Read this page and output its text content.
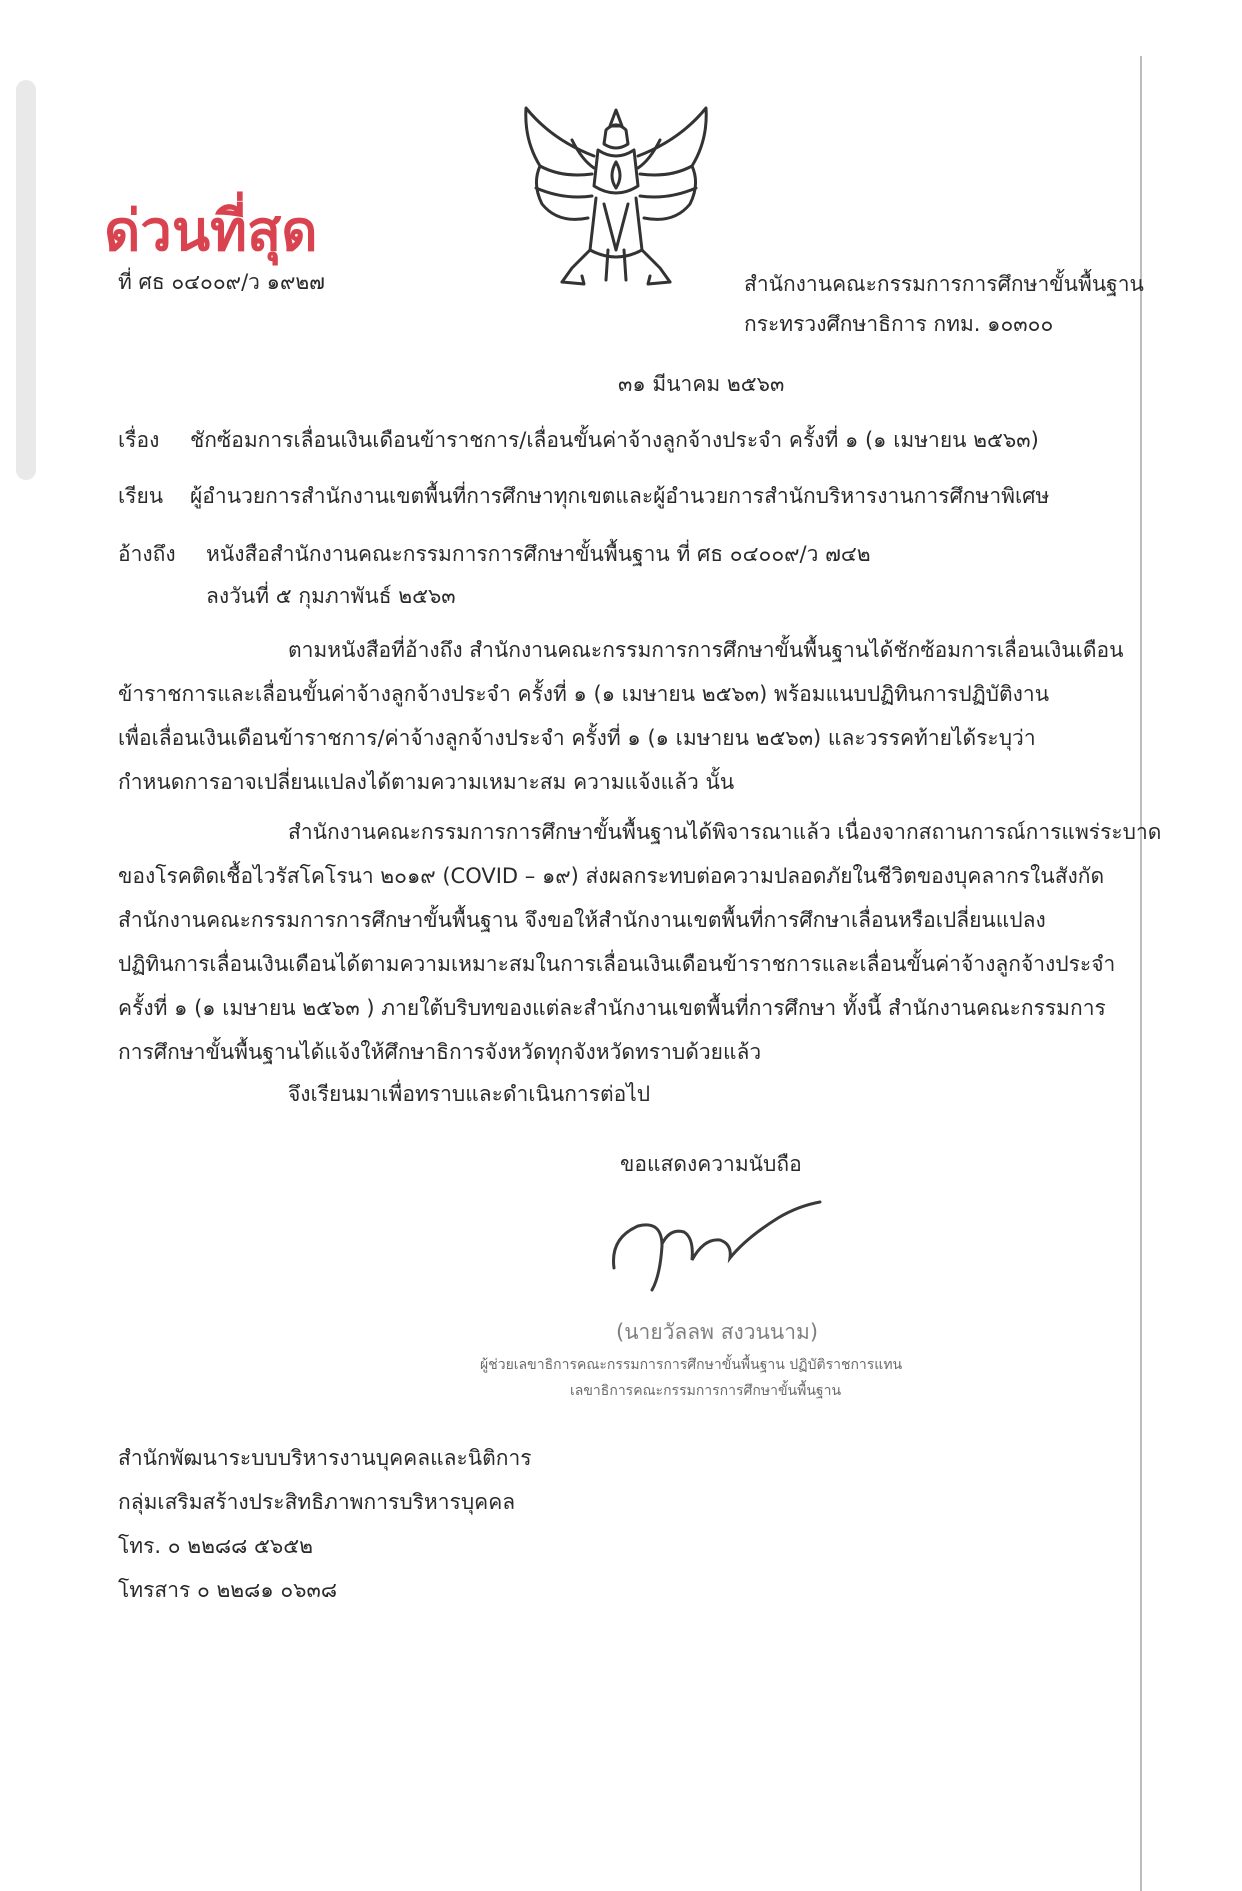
ด่วนที่สุด
ที่ ศธ ๐๔๐๐๙/ว ๑๙๒๗	สำนักงานคณะกรรมการการศึกษาขั้นพื้นฐาน
กระทรวงศึกษาธิการ กทม. ๑๐๓๐๐
๓๑ มีนาคม ๒๕๖๓
เรื่อง ชักซ้อมการเลื่อนเงินเดือนข้าราชการ/เลื่อนขั้นค่าจ้างลูกจ้างประจำ ครั้งที่ ๑ (๑ เมษายน ๒๕๖๓)
เรียน ผู้อำนวยการสำนักงานเขตพื้นที่การศึกษาทุกเขตและผู้อำนวยการสำนักบริหารงานการศึกษาพิเศษ
อ้างถึง หนังสือสำนักงานคณะกรรมการการศึกษาขั้นพื้นฐาน ที่ ศธ ๐๔๐๐๙/ว ๗๔๒
ลงวันที่ ๕ กุมภาพันธ์ ๒๕๖๓
ตามหนังสือที่อ้างถึง สำนักงานคณะกรรมการการศึกษาขั้นพื้นฐานได้ชักซ้อมการเลื่อนเงินเดือน
ข้าราชการและเลื่อนขั้นค่าจ้างลูกจ้างประจำ ครั้งที่ ๑ (๑ เมษายน ๒๕๖๓) พร้อมแนบปฏิทินการปฏิบัติงาน
เพื่อเลื่อนเงินเดือนข้าราชการ/ค่าจ้างลูกจ้างประจำ ครั้งที่ ๑ (๑ เมษายน ๒๕๖๓) และวรรคท้ายได้ระบุว่า
กำหนดการอาจเปลี่ยนแปลงได้ตามความเหมาะสม ความแจ้งแล้ว นั้น
สำนักงานคณะกรรมการการศึกษาขั้นพื้นฐานได้พิจารณาแล้ว เนื่องจากสถานการณ์การแพร่ระบาด
ของโรคติดเชื้อไวรัสโคโรนา ๒๐๑๙ (COVID – ๑๙) ส่งผลกระทบต่อความปลอดภัยในชีวิตของบุคลากรในสังกัด
สำนักงานคณะกรรมการการศึกษาขั้นพื้นฐาน จึงขอให้สำนักงานเขตพื้นที่การศึกษาเลื่อนหรือเปลี่ยนแปลง
ปฏิทินการเลื่อนเงินเดือนได้ตามความเหมาะสมในการเลื่อนเงินเดือนข้าราชการและเลื่อนขั้นค่าจ้างลูกจ้างประจำ
ครั้งที่ ๑ (๑ เมษายน ๒๕๖๓ ) ภายใต้บริบทของแต่ละสำนักงานเขตพื้นที่การศึกษา ทั้งนี้ สำนักงานคณะกรรมการ
การศึกษาขั้นพื้นฐานได้แจ้งให้ศึกษาธิการจังหวัดทุกจังหวัดทราบด้วยแล้ว
จึงเรียนมาเพื่อทราบและดำเนินการต่อไป
ขอแสดงความนับถือ
(นายวัลลพ สงวนนาม)
ผู้ช่วยเลขาธิการคณะกรรมการการศึกษาขั้นพื้นฐาน ปฏิบัติราชการแทน
เลขาธิการคณะกรรมการการศึกษาขั้นพื้นฐาน
สำนักพัฒนาระบบบริหารงานบุคคลและนิติการ
กลุ่มเสริมสร้างประสิทธิภาพการบริหารบุคคล
โทร. ๐ ๒๒๘๘ ๕๖๕๒
โทรสาร ๐ ๒๒๘๑ ๐๖๓๘
